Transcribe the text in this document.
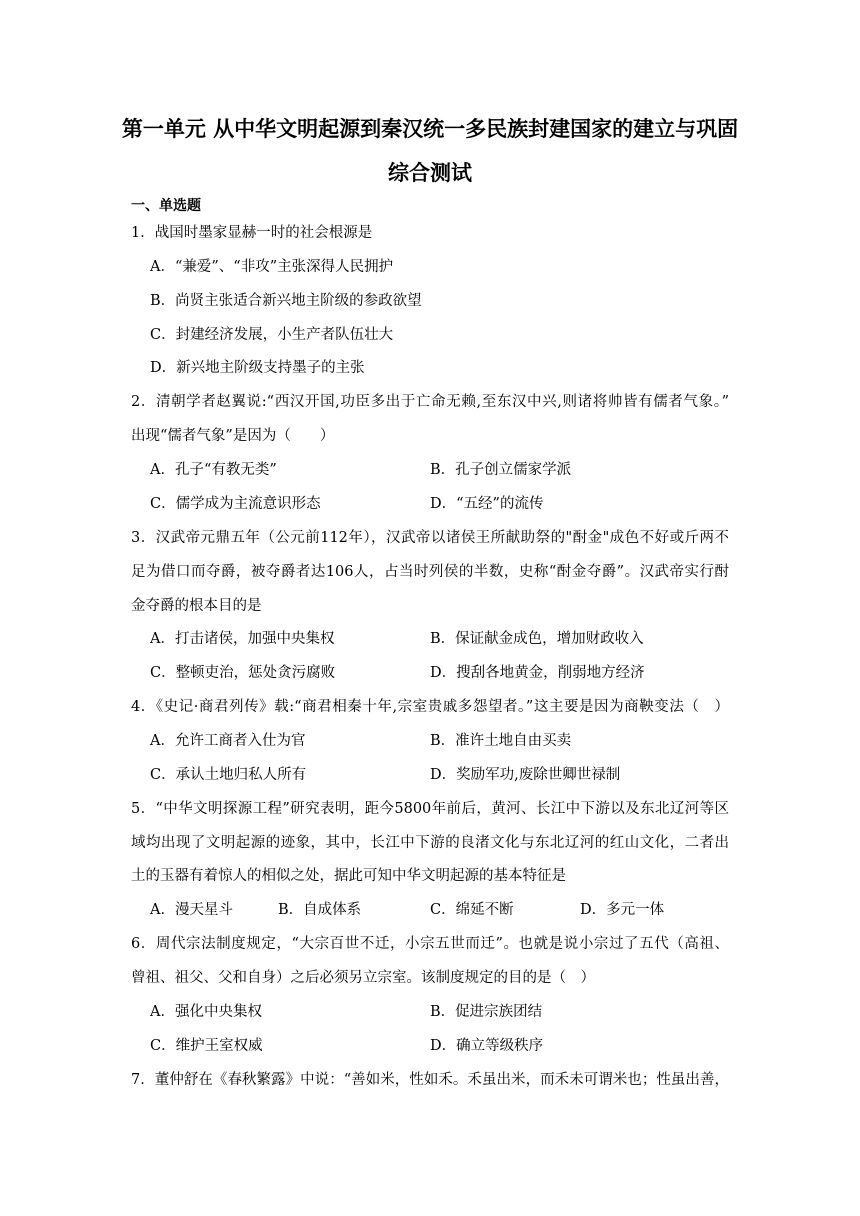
第一单元 从中华文明起源到秦汉统一多民族封建国家的建立与巩固
综合测试
一、单选题
1．战国时墨家显赫一时的社会根源是
A．“兼爱”、“非攻”主张深得人民拥护
B．尚贤主张适合新兴地主阶级的参政欲望
C．封建经济发展，小生产者队伍壮大
D．新兴地主阶级支持墨子的主张
2．清朝学者赵翼说:“西汉开国,功臣多出于亡命无赖,至东汉中兴,则诸将帅皆有儒者气象。”
出现“儒者气象”是因为（　　）
A．孔子“有教无类”	B．孔子创立儒家学派
C．儒学成为主流意识形态	D．“五经”的流传
3．汉武帝元鼎五年（公元前112年），汉武帝以诸侯王所献助祭的"酎金"成色不好或斤两不
足为借口而夺爵，被夺爵者达106人，占当时列侯的半数，史称“酎金夺爵”。汉武帝实行酎
金夺爵的根本目的是
A．打击诸侯，加强中央集权	B．保证献金成色，增加财政收入
C．整顿吏治，惩处贪污腐败	D．搜刮各地黄金，削弱地方经济
4．《史记·商君列传》载:“商君相秦十年,宗室贵戚多怨望者。”这主要是因为商鞅变法（　）
A．允许工商者入仕为官	B．准许土地自由买卖
C．承认土地归私人所有	D．奖励军功,废除世卿世禄制
5．“中华文明探源工程”研究表明，距今5800年前后，黄河、长江中下游以及东北辽河等区
域均出现了文明起源的迹象，其中，长江中下游的良渚文化与东北辽河的红山文化，二者出
土的玉器有着惊人的相似之处，据此可知中华文明起源的基本特征是
A．漫天星斗	B．自成体系	C．绵延不断	D．多元一体
6．周代宗法制度规定，“大宗百世不迁，小宗五世而迁”。也就是说小宗过了五代（高祖、
曾祖、祖父、父和自身）之后必须另立宗室。该制度规定的目的是（　）
A．强化中央集权	B．促进宗族团结
C．维护王室权威	D．确立等级秩序
7．董仲舒在《春秋繁露》中说：“善如米，性如禾。禾虽出米，而禾未可谓米也；性虽出善，
